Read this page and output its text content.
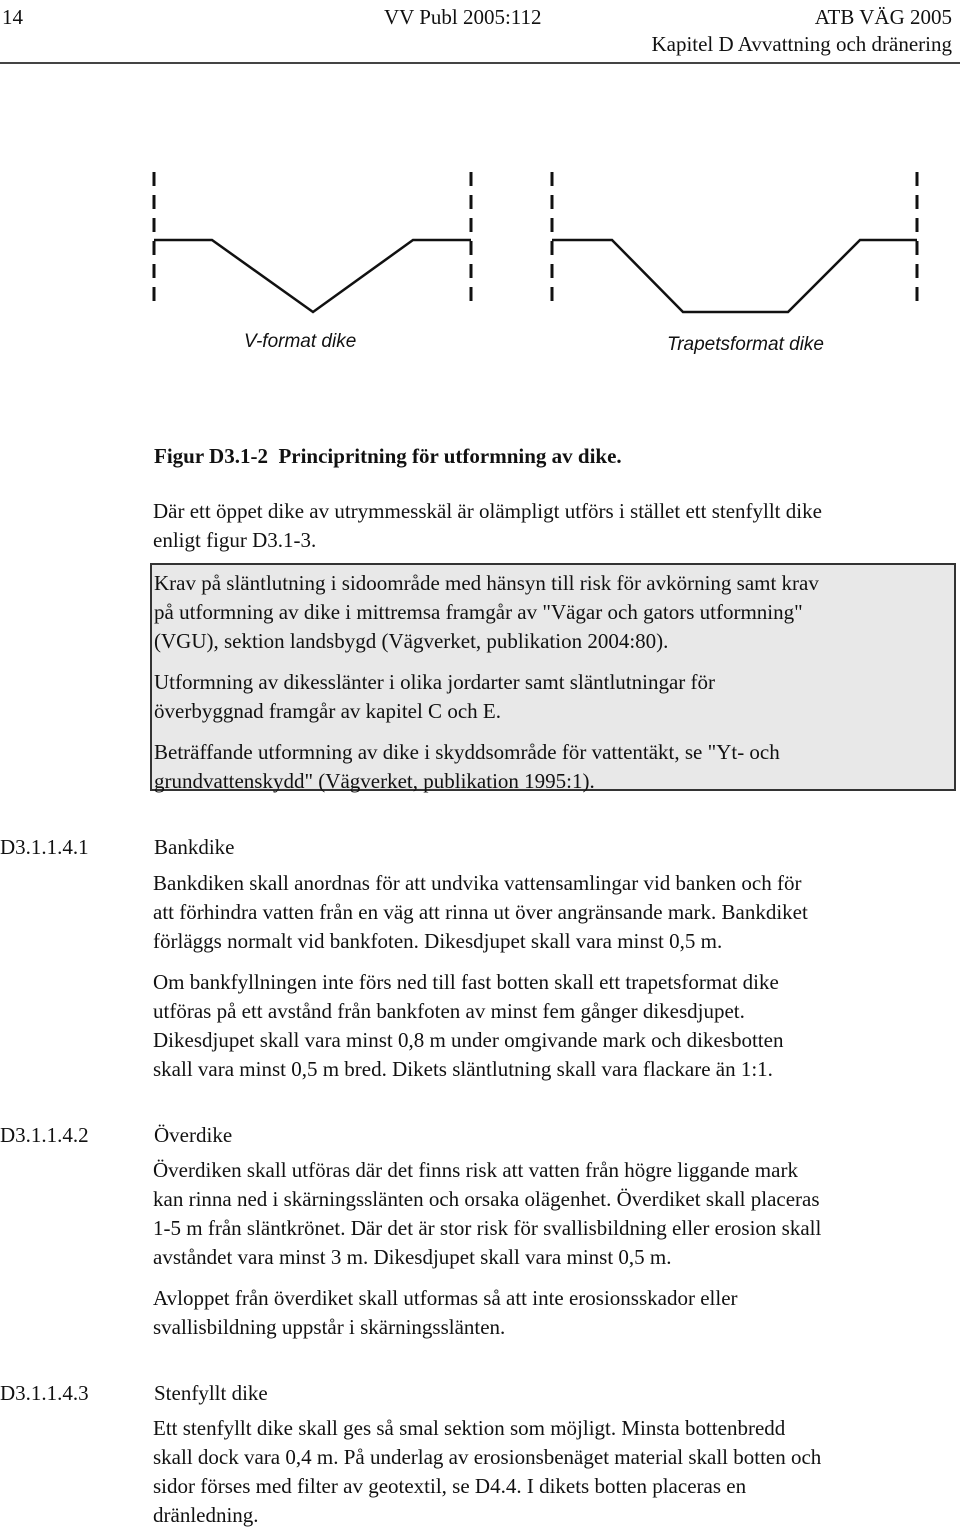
14	VV Publ 2005:112	ATB VÄG 2005
Kapitel D Avvattning och dränering
V-format dike	Trapetsformat dike
Figur D3.1-2  Principritning för utformning av dike.

Där ett öppet dike av utrymmesskäl är olämpligt utförs i stället ett stenfyllt dike

enligt figur D3.1-3.

Krav på släntlutning i sidoområde med hänsyn till risk för avkörning samt krav

på utformning av dike i mittremsa framgår av "Vägar och gators utformning"

(VGU), sektion landsbygd (Vägverket, publikation 2004:80).

Utformning av dikesslänter i olika jordarter samt släntlutningar för

överbyggnad framgår av kapitel C och E.

Beträffande utformning av dike i skyddsområde för vattentäkt, se "Yt- och

grundvattenskydd" (Vägverket, publikation 1995:1).

D3.1.1.4.1	Bankdike

Bankdiken skall anordnas för att undvika vattensamlingar vid banken och för

att förhindra vatten från en väg att rinna ut över angränsande mark. Bankdiket

förläggs normalt vid bankfoten. Dikesdjupet skall vara minst 0,5 m.

Om bankfyllningen inte förs ned till fast botten skall ett trapetsformat dike

utföras på ett avstånd från bankfoten av minst fem gånger dikesdjupet.

Dikesdjupet skall vara minst 0,8 m under omgivande mark och dikesbotten

skall vara minst 0,5 m bred. Dikets släntlutning skall vara flackare än 1:1.

D3.1.1.4.2	Överdike

Överdiken skall utföras där det finns risk att vatten från högre liggande mark

kan rinna ned i skärningsslänten och orsaka olägenhet. Överdiket skall placeras

1-5 m från släntkrönet. Där det är stor risk för svallisbildning eller erosion skall

avståndet vara minst 3 m. Dikesdjupet skall vara minst 0,5 m.

Avloppet från överdiket skall utformas så att inte erosionsskador eller

svallisbildning uppstår i skärningsslänten.

D3.1.1.4.3	Stenfyllt dike

Ett stenfyllt dike skall ges så smal sektion som möjligt. Minsta bottenbredd

skall dock vara 0,4 m. På underlag av erosionsbenäget material skall botten och

sidor förses med filter av geotextil, se D4.4. I dikets botten placeras en

dränledning.
